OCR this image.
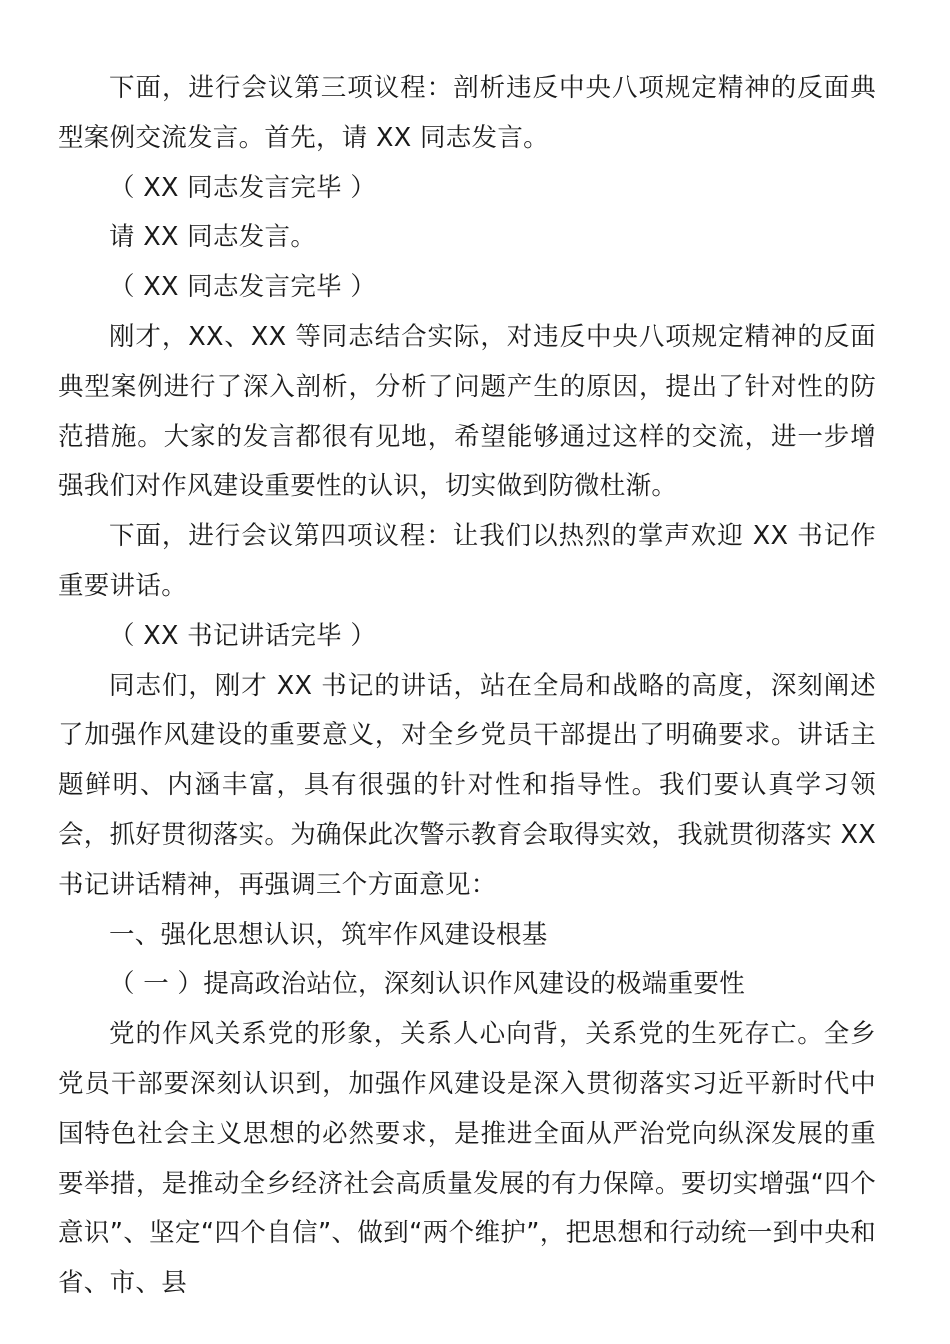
下面，进行会议第三项议程：剖析违反中央八项规定精神的反面典型案例交流发言。首先，请 XX 同志发言。

（ XX 同志发言完毕 ）

请 XX 同志发言。

（ XX 同志发言完毕 ）

刚才，XX、XX 等同志结合实际，对违反中央八项规定精神的反面典型案例进行了深入剖析，分析了问题产生的原因，提出了针对性的防范措施。大家的发言都很有见地，希望能够通过这样的交流，进一步增强我们对作风建设重要性的认识，切实做到防微杜渐。

下面，进行会议第四项议程：让我们以热烈的掌声欢迎 XX 书记作重要讲话。

（ XX 书记讲话完毕 ）

同志们，刚才 XX 书记的讲话，站在全局和战略的高度，深刻阐述了加强作风建设的重要意义，对全乡党员干部提出了明确要求。讲话主题鲜明、内涵丰富，具有很强的针对性和指导性。我们要认真学习领会，抓好贯彻落实。为确保此次警示教育会取得实效，我就贯彻落实 XX 书记讲话精神，再强调三个方面意见：

一、强化思想认识，筑牢作风建设根基

（ 一 ）提高政治站位，深刻认识作风建设的极端重要性

党的作风关系党的形象，关系人心向背，关系党的生死存亡。全乡党员干部要深刻认识到，加强作风建设是深入贯彻落实习近平新时代中国特色社会主义思想的必然要求，是推进全面从严治党向纵深发展的重要举措，是推动全乡经济社会高质量发展的有力保障。要切实增强“四个意识”、坚定“四个自信”、做到“两个维护”，把思想和行动统一到中央和省、市、县
